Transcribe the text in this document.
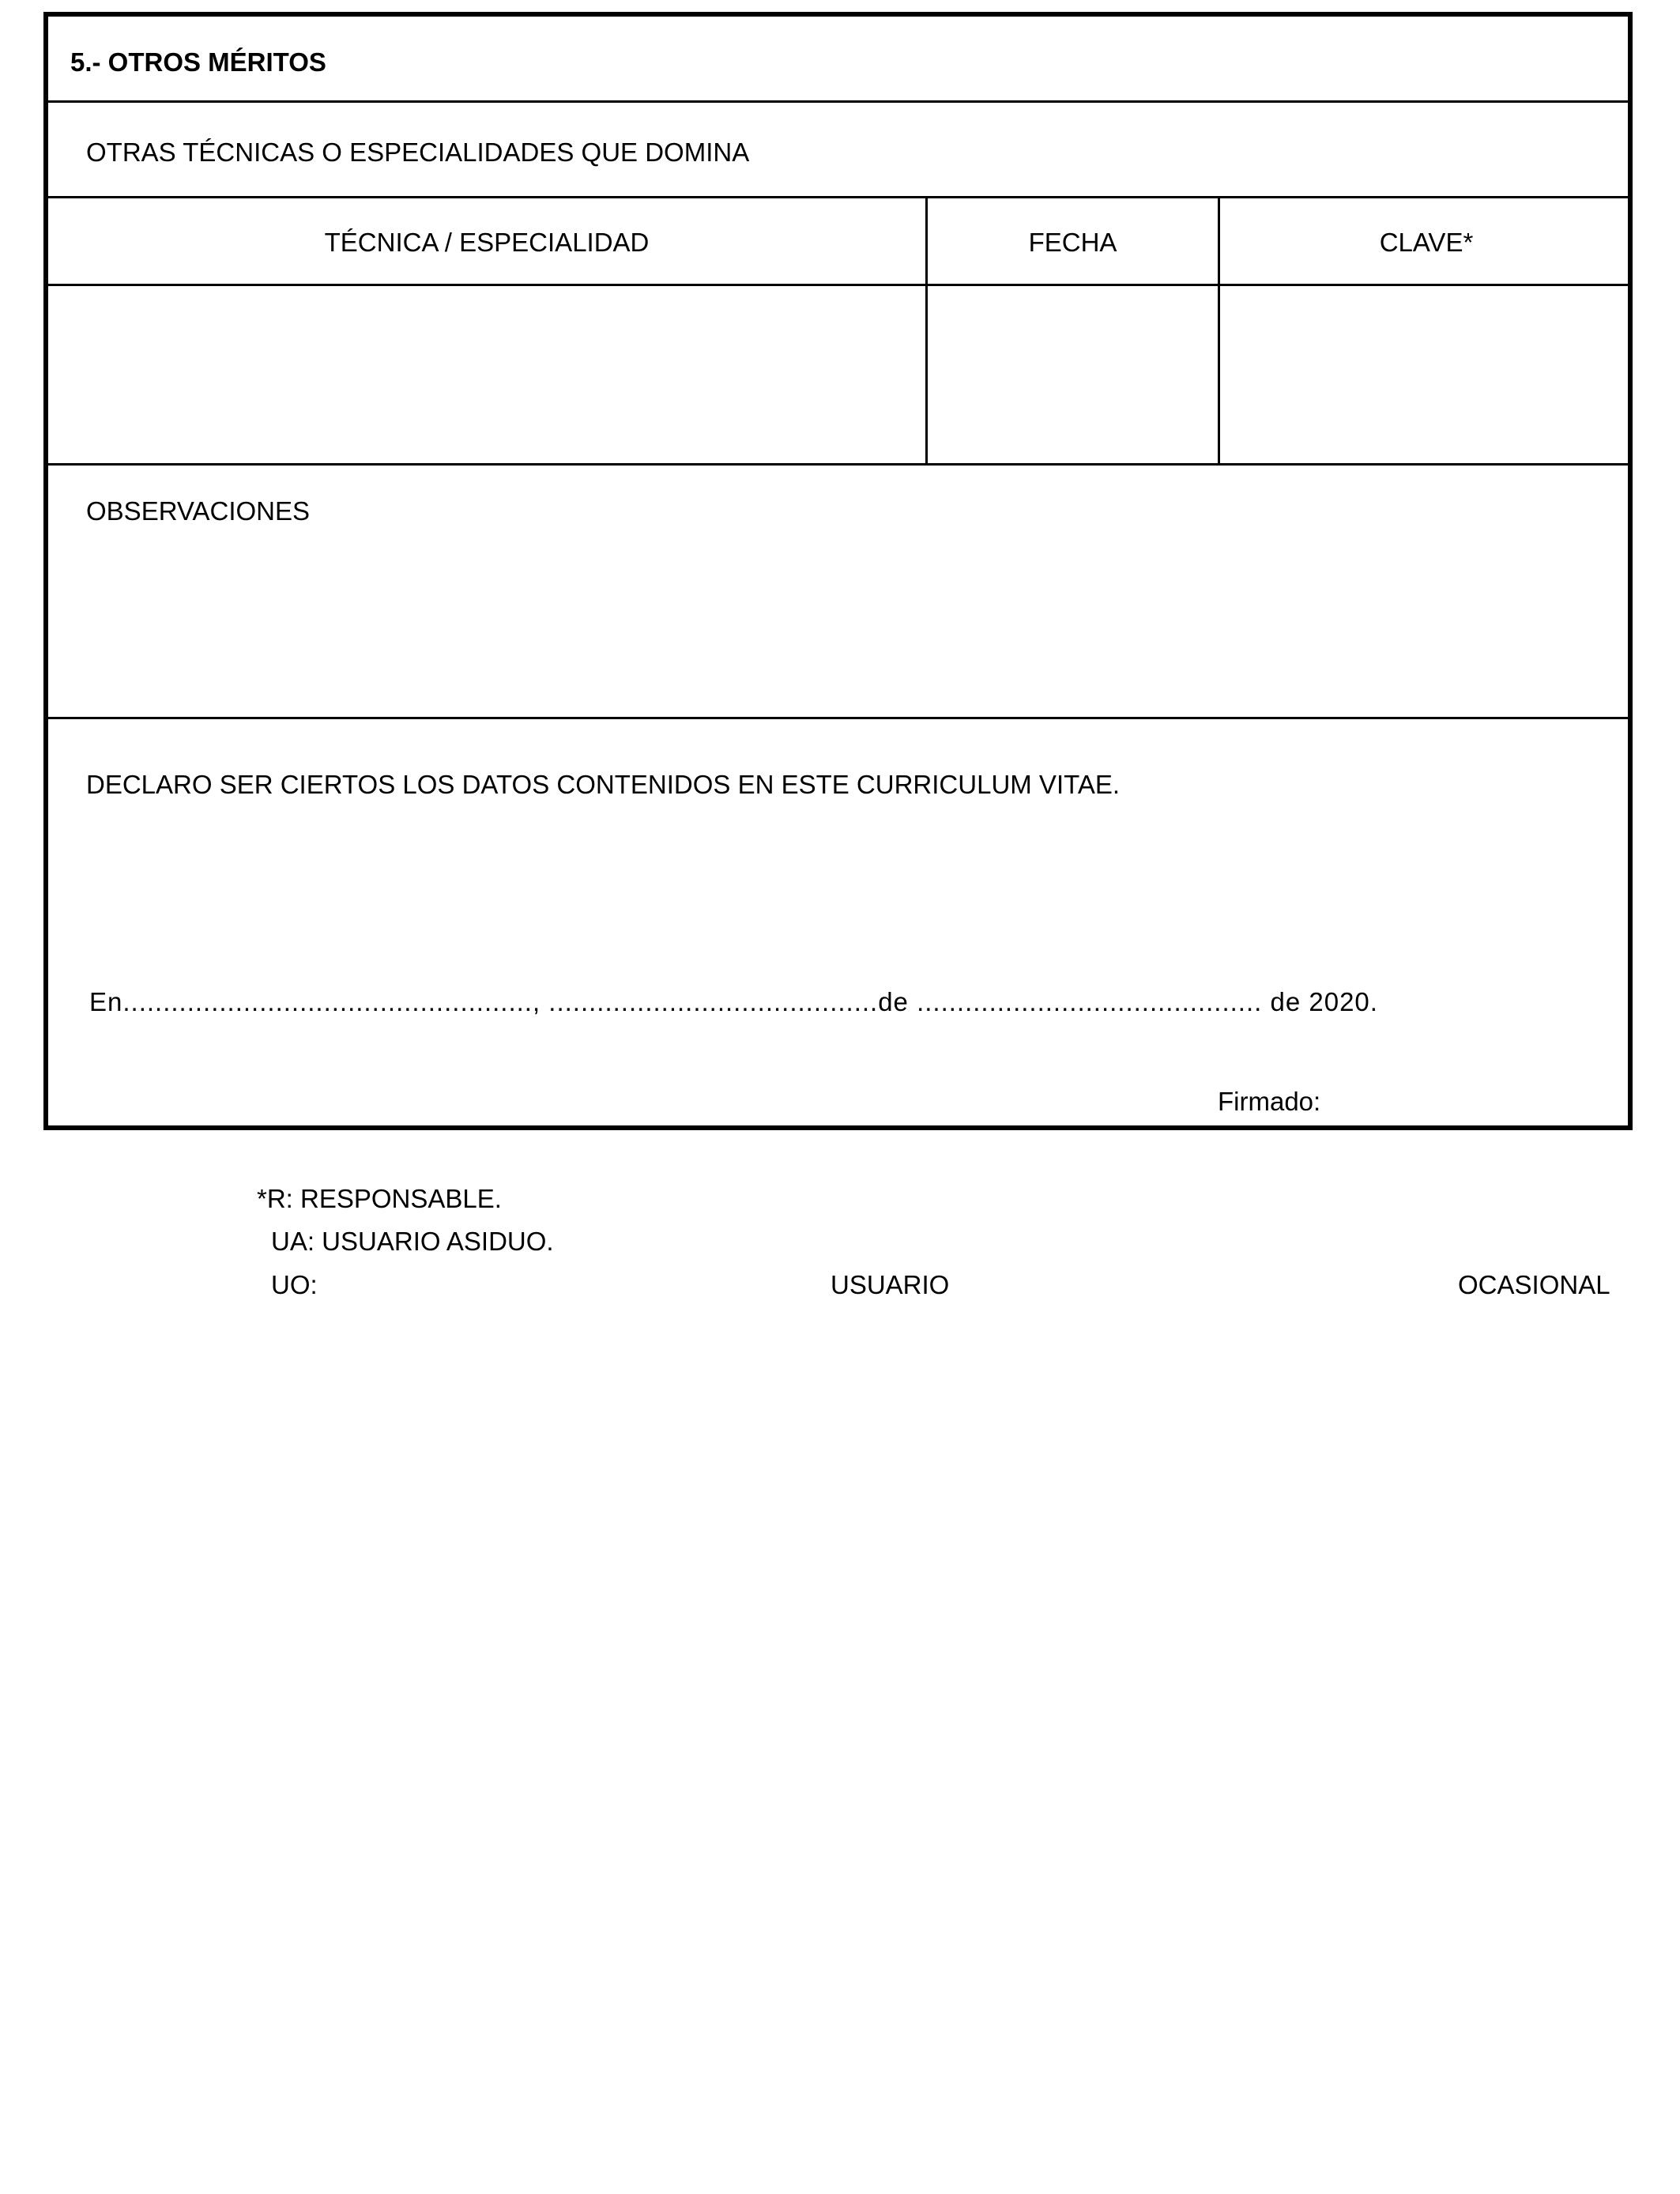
5.- OTROS MÉRITOS
OTRAS TÉCNICAS O ESPECIALIDADES QUE DOMINA
TÉCNICA / ESPECIALIDAD	FECHA	CLAVE*
OBSERVACIONES
DECLARO SER CIERTOS LOS DATOS CONTENIDOS EN ESTE CURRICULUM VITAE.
En..................................................., .........................................de ........................................... de 2020.
Firmado:
*R: RESPONSABLE.
UA: USUARIO ASIDUO.
UO:	USUARIO	OCASIONAL
